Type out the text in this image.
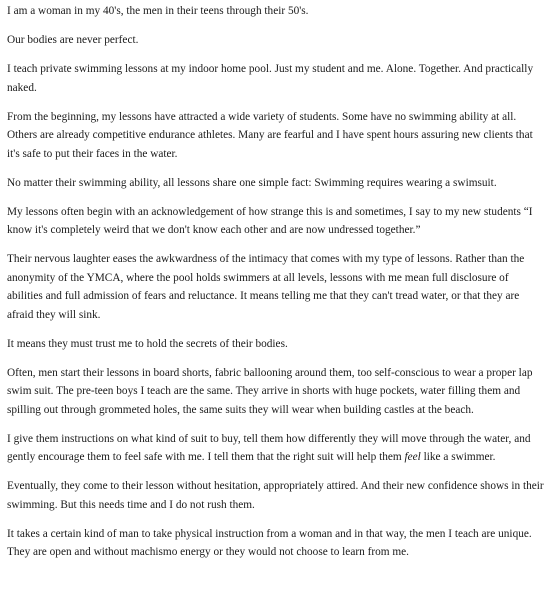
I am a woman in my 40's, the men in their teens through their 50's.

Our bodies are never perfect.

I teach private swimming lessons at my indoor home pool. Just my student and me. Alone. Together. And practically naked.

From the beginning, my lessons have attracted a wide variety of students. Some have no swimming ability at all. Others are already competitive endurance athletes. Many are fearful and I have spent hours assuring new clients that it's safe to put their faces in the water.

No matter their swimming ability, all lessons share one simple fact: Swimming requires wearing a swimsuit.

My lessons often begin with an acknowledgement of how strange this is and sometimes, I say to my new students “I know it's completely weird that we don't know each other and are now undressed together.”

Their nervous laughter eases the awkwardness of the intimacy that comes with my type of lessons. Rather than the anonymity of the YMCA, where the pool holds swimmers at all levels, lessons with me mean full disclosure of abilities and full admission of fears and reluctance. It means telling me that they can't tread water, or that they are afraid they will sink.

It means they must trust me to hold the secrets of their bodies.

Often, men start their lessons in board shorts, fabric ballooning around them, too self-conscious to wear a proper lap swim suit. The pre-teen boys I teach are the same. They arrive in shorts with huge pockets, water filling them and spilling out through grommeted holes, the same suits they will wear when building castles at the beach.

I give them instructions on what kind of suit to buy, tell them how differently they will move through the water, and gently encourage them to feel safe with me. I tell them that the right suit will help them feel like a swimmer.

Eventually, they come to their lesson without hesitation, appropriately attired. And their new confidence shows in their swimming. But this needs time and I do not rush them.

It takes a certain kind of man to take physical instruction from a woman and in that way, the men I teach are unique. They are open and without machismo energy or they would not choose to learn from me.
